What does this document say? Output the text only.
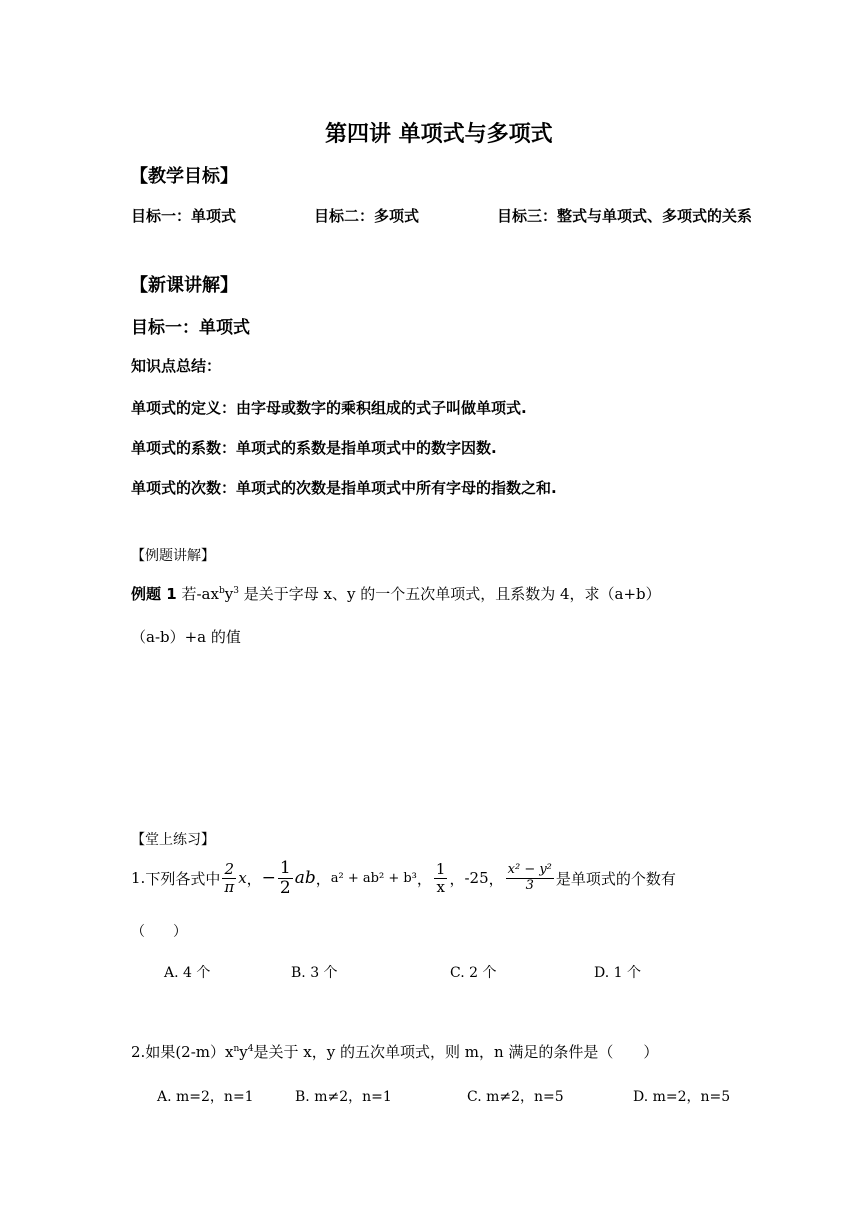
第四讲 单项式与多项式
【教学目标】
目标一：单项式	目标二：多项式	目标三：整式与单项式、多项式的关系
【新课讲解】
目标一：单项式
知识点总结：
单项式的定义：由字母或数字的乘积组成的式子叫做单项式.
单项式的系数：单项式的系数是指单项式中的数字因数.
单项式的次数：单项式的次数是指单项式中所有字母的指数之和.
【例题讲解】
例题 1 若$-ax^by^3$ 是关于字母 x、y 的一个五次单项式，且系数为 4，求（a+b）
（a-b）+a 的值
【堂上练习】
1. 下列各式中 $\frac{2}{\pi}$ x ， − $\frac{1}{2}$ ab ， a² + ab² + b³ ， $\frac{1}{x}$ ， -25 ， $\frac{\text{x² − y²}}{3}$ 是单项式的个数有
（　　）
A. 4 个	B. 3 个	C. 2 个	D. 1 个
2.如果$(2-m)x^ny^4$是关于 x，y 的五次单项式，则 m，n 满足的条件是（　　）
A. m=2，n=1	B. m≠2，n=1	C. m≠2，n=5	D. m=2，n=5
